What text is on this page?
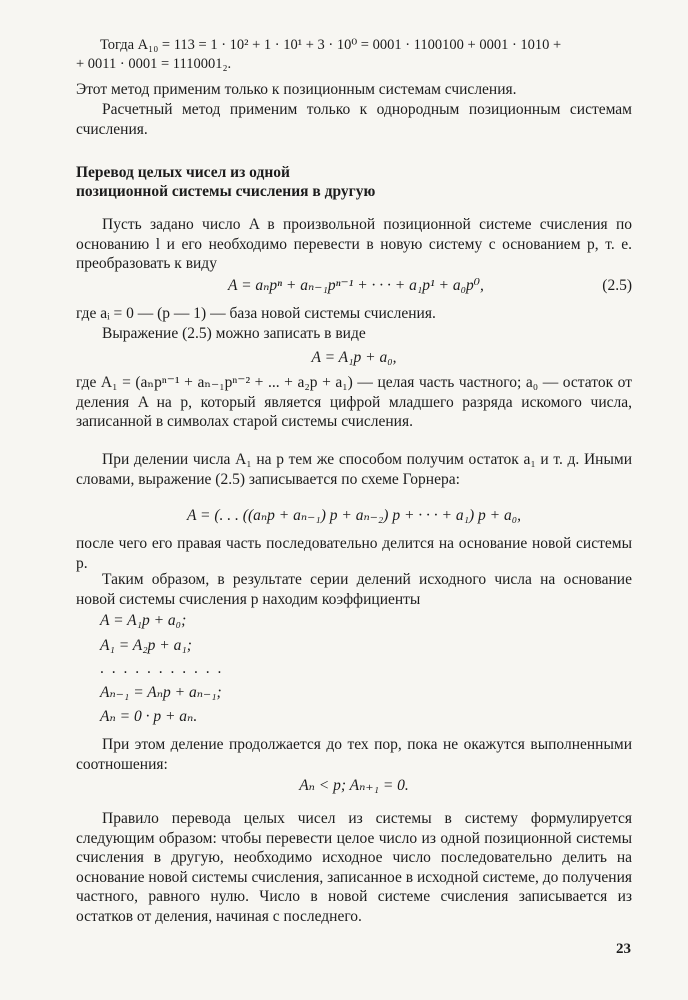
Тогда A₁₀ = 113 = 1 · 10² + 1 · 10¹ + 3 · 10⁰ = 0001 · 1100100 + 0001 · 1010 +
+ 0011 · 0001 = 1110001₂.

Этот метод применим только к позиционным системам счисления.

Расчетный метод применим только к однородным позиционным системам счисления.

Перевод целых чисел из одной
позиционной системы счисления в другую

Пусть задано число A в произвольной позиционной системе счисления по основанию l и его необходимо перевести в новую систему с основанием p, т. е. преобразовать к виду

A = aₙpⁿ + aₙ₋₁pⁿ⁻¹ + · · · + a₁p¹ + a₀p⁰,	(2.5)

где aᵢ = 0 — (p — 1) — база новой системы счисления.

Выражение (2.5) можно записать в виде

A = A₁p + a₀,

где A₁ = (aₙpⁿ⁻¹ + aₙ₋₁pⁿ⁻² + ... + a₂p + a₁) — целая часть частного; a₀ — остаток от деления A на p, который является цифрой младшего разряда искомого числа, записанной в символах старой системы счисления.

При делении числа A₁ на p тем же способом получим остаток a₁ и т. д. Иными словами, выражение (2.5) записывается по схеме Горнера:

A = (. . . ((aₙp + aₙ₋₁) p + aₙ₋₂) p + · · · + a₁) p + a₀,

после чего его правая часть последовательно делится на основание новой системы p.

Таким образом, в результате серии делений исходного числа на основание новой системы счисления p находим коэффициенты

A = A₁p + a₀;
A₁ = A₂p + a₁;
. . . . . . . . . . .
Aₙ₋₁ = Aₙp + aₙ₋₁;
Aₙ = 0 · p + aₙ.

При этом деление продолжается до тех пор, пока не окажутся выполненными соотношения:

Aₙ < p; Aₙ₊₁ = 0.

Правило перевода целых чисел из системы в систему формулируется следующим образом: чтобы перевести целое число из одной позиционной системы счисления в другую, необходимо исходное число последовательно делить на основание новой системы счисления, записанное в исходной системе, до получения частного, равного нулю. Число в новой системе счисления записывается из остатков от деления, начиная с последнего.

23
